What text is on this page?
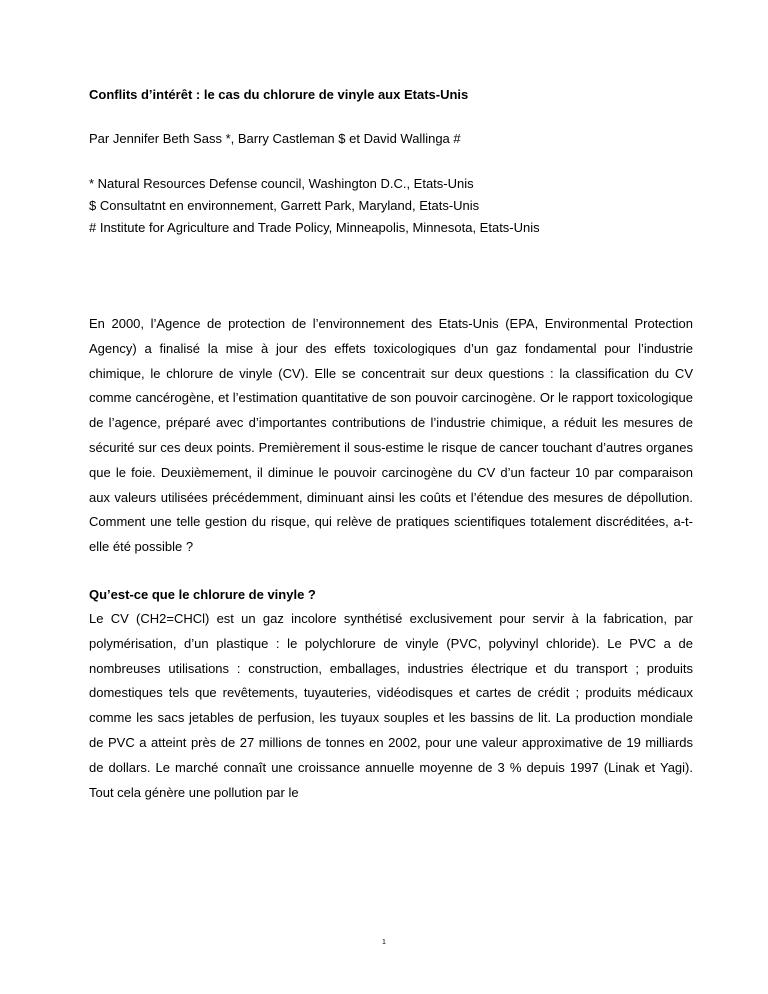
Conflits d’intérêt : le cas du chlorure de vinyle aux Etats-Unis

Par Jennifer Beth Sass *, Barry Castleman $ et David Wallinga #

* Natural Resources Defense council, Washington D.C., Etats-Unis
$ Consultatnt en environnement, Garrett Park, Maryland, Etats-Unis
# Institute for Agriculture and Trade Policy, Minneapolis, Minnesota, Etats-Unis

En 2000, l’Agence de protection de l’environnement des Etats-Unis (EPA, Environmental Protection Agency) a finalisé la mise à jour des effets toxicologiques d’un gaz fondamental pour l’industrie chimique, le chlorure de vinyle (CV). Elle se concentrait sur deux questions : la classification du CV comme cancérogène, et l’estimation quantitative de son pouvoir carcinogène. Or le rapport toxicologique de l’agence, préparé avec d’importantes contributions de l’industrie chimique, a réduit les mesures de sécurité sur ces deux points. Premièrement il sous-estime le risque de cancer touchant d’autres organes que le foie. Deuxièmement, il diminue le pouvoir carcinogène du CV d’un facteur 10 par comparaison aux valeurs utilisées précédemment, diminuant ainsi les coûts et l’étendue des mesures de dépollution. Comment une telle gestion du risque, qui relève de pratiques scientifiques totalement discréditées, a-t-elle été possible ?

Qu’est-ce que le chlorure de vinyle ?

Le CV (CH2=CHCl) est un gaz incolore synthétisé exclusivement pour servir à la fabrication, par polymérisation, d’un plastique : le polychlorure de vinyle (PVC, polyvinyl chloride). Le PVC a de nombreuses utilisations : construction, emballages, industries électrique et du transport ; produits domestiques tels que revêtements, tuyauteries, vidéodisques et cartes de crédit ; produits médicaux comme les sacs jetables de perfusion, les tuyaux souples et les bassins de lit. La production mondiale de PVC a atteint près de 27 millions de tonnes en 2002, pour une valeur approximative de 19 milliards de dollars. Le marché connaît une croissance annuelle moyenne de 3 % depuis 1997 (Linak et Yagi). Tout cela génère une pollution par le

1
